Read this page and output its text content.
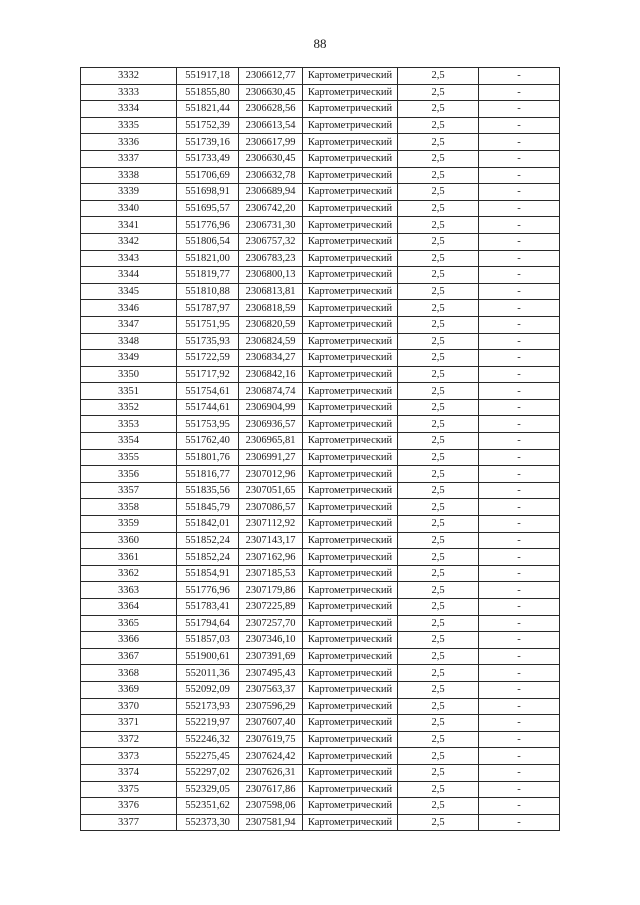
88
3332	551917,18	2306612,77	Картометрический	2,5	-
3333	551855,80	2306630,45	Картометрический	2,5	-
3334	551821,44	2306628,56	Картометрический	2,5	-
3335	551752,39	2306613,54	Картометрический	2,5	-
3336	551739,16	2306617,99	Картометрический	2,5	-
3337	551733,49	2306630,45	Картометрический	2,5	-
3338	551706,69	2306632,78	Картометрический	2,5	-
3339	551698,91	2306689,94	Картометрический	2,5	-
3340	551695,57	2306742,20	Картометрический	2,5	-
3341	551776,96	2306731,30	Картометрический	2,5	-
3342	551806,54	2306757,32	Картометрический	2,5	-
3343	551821,00	2306783,23	Картометрический	2,5	-
3344	551819,77	2306800,13	Картометрический	2,5	-
3345	551810,88	2306813,81	Картометрический	2,5	-
3346	551787,97	2306818,59	Картометрический	2,5	-
3347	551751,95	2306820,59	Картометрический	2,5	-
3348	551735,93	2306824,59	Картометрический	2,5	-
3349	551722,59	2306834,27	Картометрический	2,5	-
3350	551717,92	2306842,16	Картометрический	2,5	-
3351	551754,61	2306874,74	Картометрический	2,5	-
3352	551744,61	2306904,99	Картометрический	2,5	-
3353	551753,95	2306936,57	Картометрический	2,5	-
3354	551762,40	2306965,81	Картометрический	2,5	-
3355	551801,76	2306991,27	Картометрический	2,5	-
3356	551816,77	2307012,96	Картометрический	2,5	-
3357	551835,56	2307051,65	Картометрический	2,5	-
3358	551845,79	2307086,57	Картометрический	2,5	-
3359	551842,01	2307112,92	Картометрический	2,5	-
3360	551852,24	2307143,17	Картометрический	2,5	-
3361	551852,24	2307162,96	Картометрический	2,5	-
3362	551854,91	2307185,53	Картометрический	2,5	-
3363	551776,96	2307179,86	Картометрический	2,5	-
3364	551783,41	2307225,89	Картометрический	2,5	-
3365	551794,64	2307257,70	Картометрический	2,5	-
3366	551857,03	2307346,10	Картометрический	2,5	-
3367	551900,61	2307391,69	Картометрический	2,5	-
3368	552011,36	2307495,43	Картометрический	2,5	-
3369	552092,09	2307563,37	Картометрический	2,5	-
3370	552173,93	2307596,29	Картометрический	2,5	-
3371	552219,97	2307607,40	Картометрический	2,5	-
3372	552246,32	2307619,75	Картометрический	2,5	-
3373	552275,45	2307624,42	Картометрический	2,5	-
3374	552297,02	2307626,31	Картометрический	2,5	-
3375	552329,05	2307617,86	Картометрический	2,5	-
3376	552351,62	2307598,06	Картометрический	2,5	-
3377	552373,30	2307581,94	Картометрический	2,5	-
